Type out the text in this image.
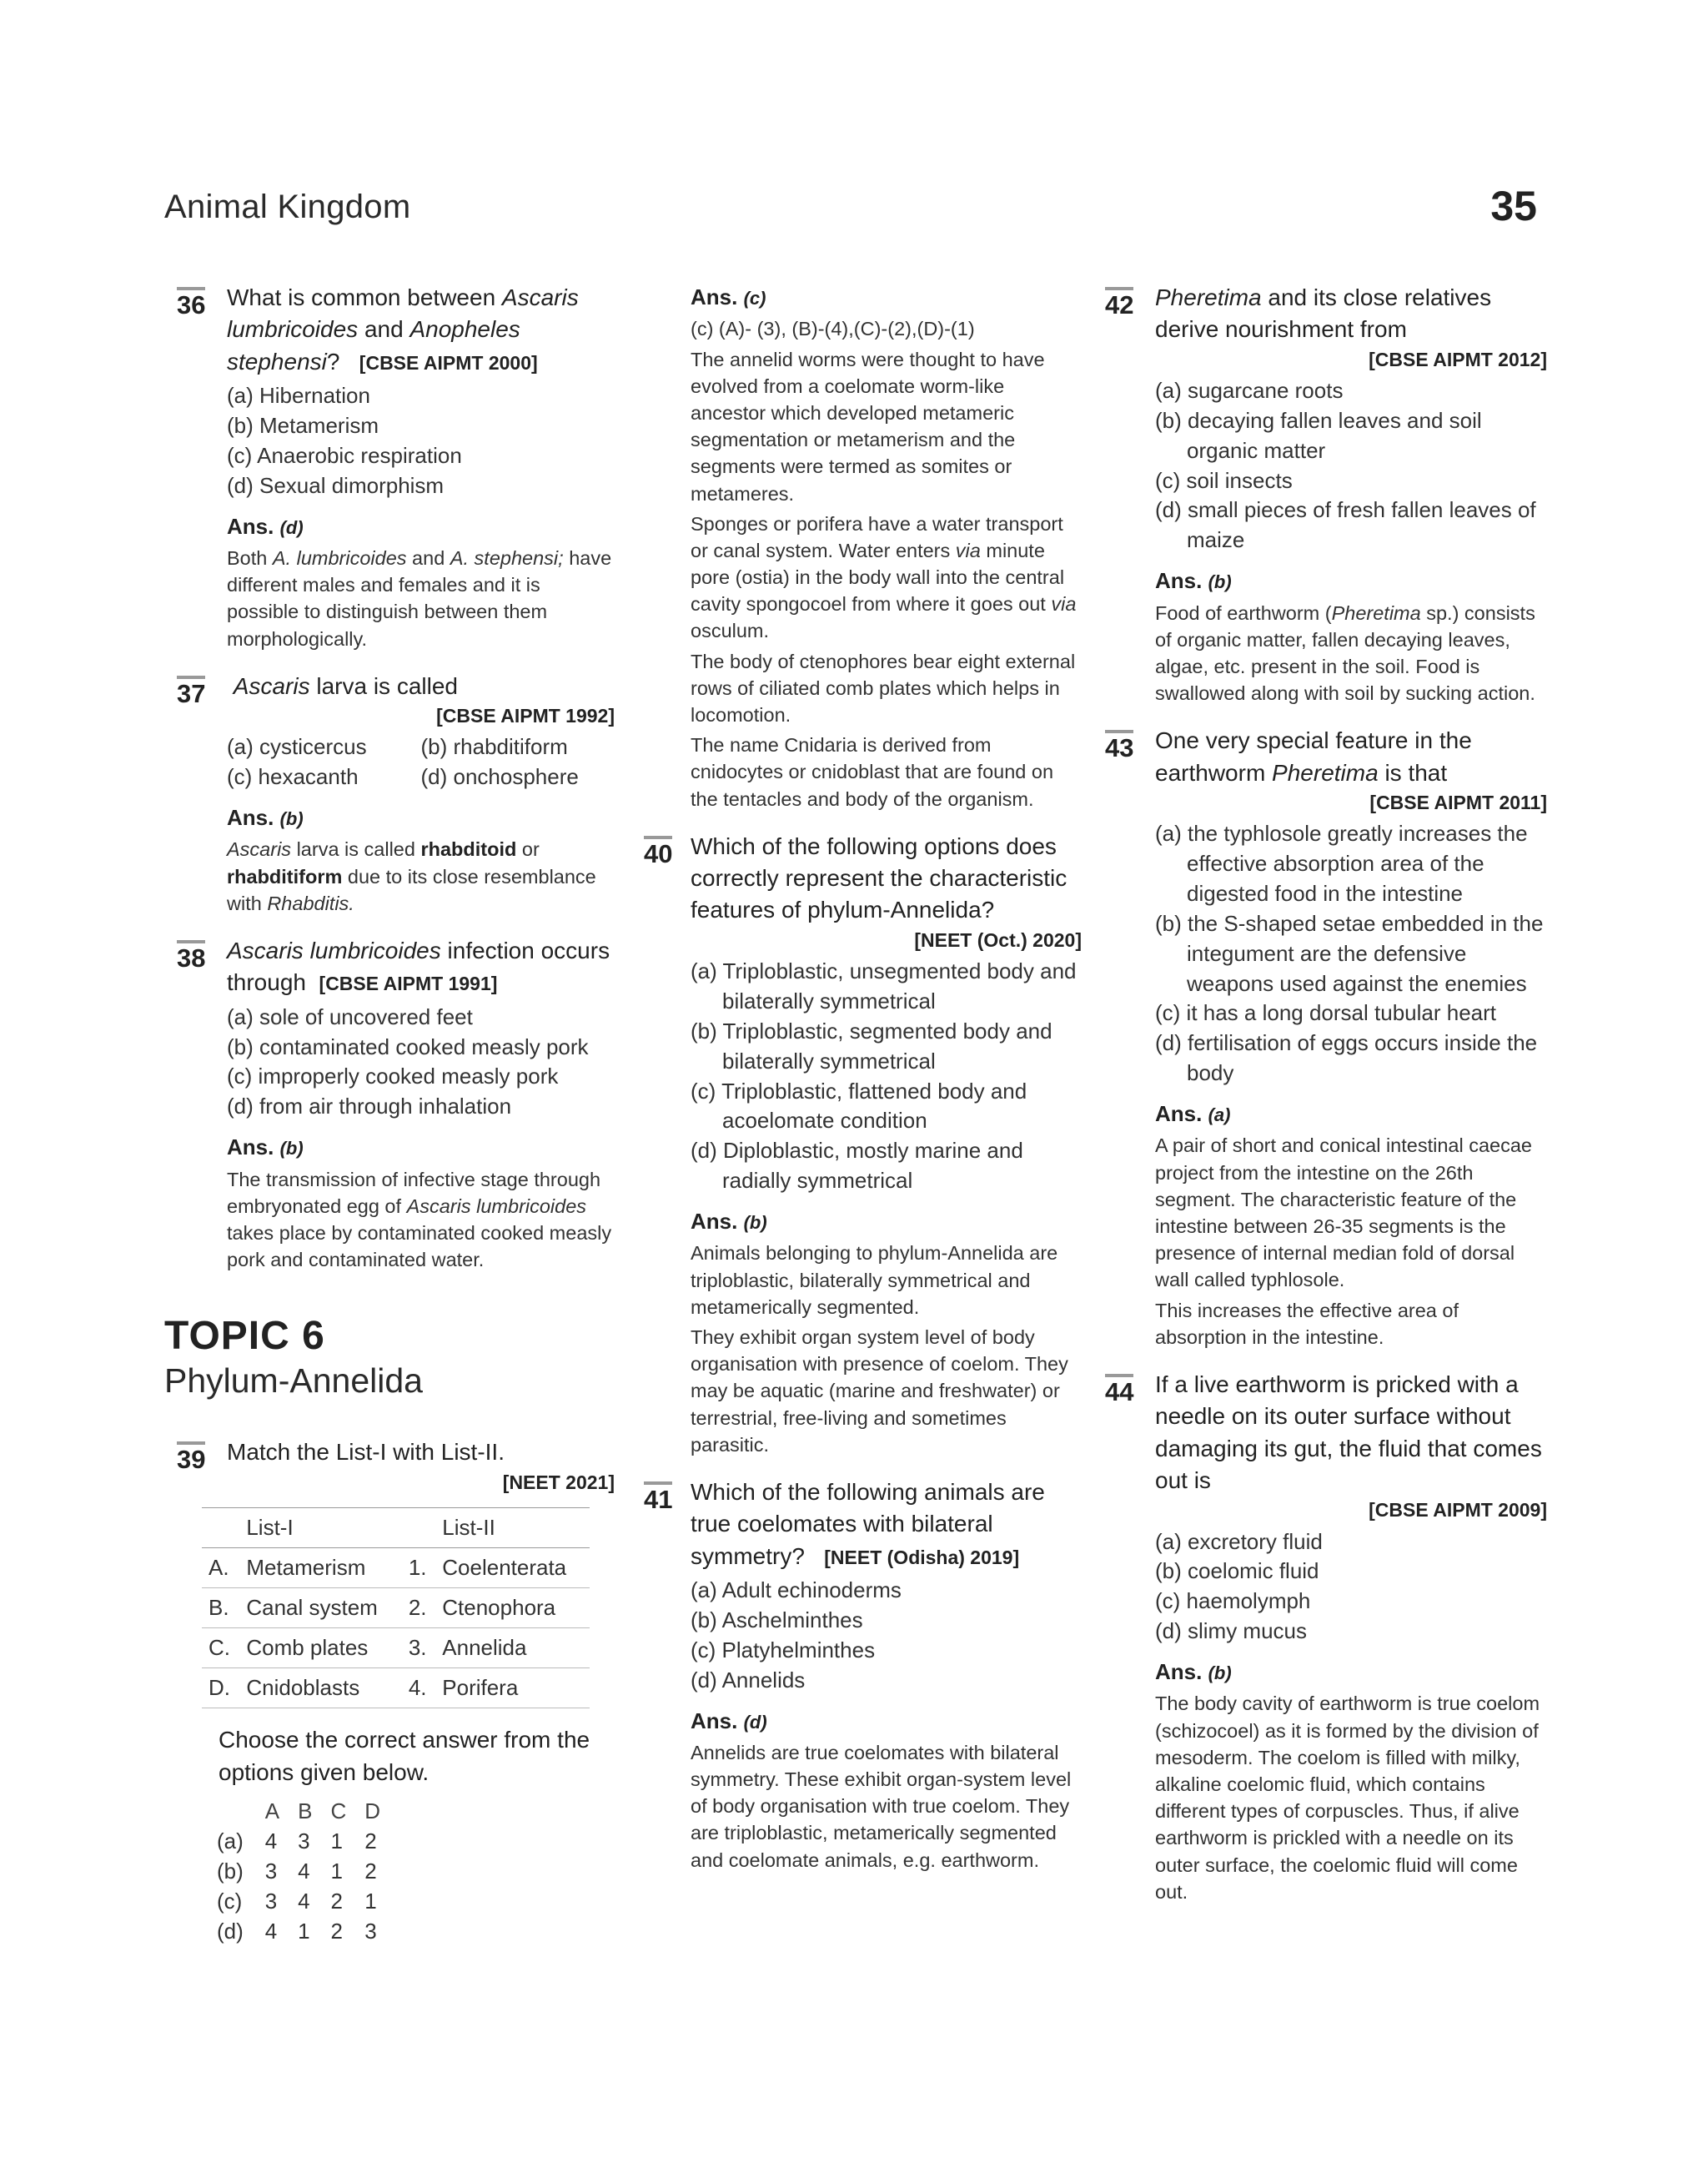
Animal Kingdom	35
36 What is common between Ascaris lumbricoides and Anopheles stephensi? [CBSE AIPMT 2000]
(a) Hibernation
(b) Metamerism
(c) Anaerobic respiration
(d) Sexual dimorphism
Ans. (d)
Both A. lumbricoides and A. stephensi; have different males and females and it is possible to distinguish between them morphologically.
37 Ascaris larva is called
[CBSE AIPMT 1992]
(a) cysticercus	(b) rhabditiform
(c) hexacanth	(d) onchosphere
Ans. (b)
Ascaris larva is called rhabditoid or rhabditiform due to its close resemblance with Rhabditis.
38 Ascaris lumbricoides infection occurs through  [CBSE AIPMT 1991]
(a) sole of uncovered feet
(b) contaminated cooked measly pork
(c) improperly cooked measly pork
(d) from air through inhalation
Ans. (b)
The transmission of infective stage through embryonated egg of Ascaris lumbricoides takes place by contaminated cooked measly pork and contaminated water.
TOPIC 6
Phylum-Annelida
39 Match the List-I with List-II.
[NEET 2021]
	List-I		List-II
A.	Metamerism	1.	Coelenterata
B.	Canal system	2.	Ctenophora
C.	Comb plates	3.	Annelida
D.	Cnidoblasts	4.	Porifera
Choose the correct answer from the options given below.
	A	B	C	D
(a)	4	3	1	2
(b)	3	4	1	2
(c)	3	4	2	1
(d)	4	1	2	3
Ans. (c)

(c) (A)- (3), (B)-(4),(C)-(2),(D)-(1)

The annelid worms were thought to have evolved from a coelomate worm-like ancestor which developed metameric segmentation or metamerism and the segments were termed as somites or metameres.

Sponges or porifera have a water transport or canal system. Water enters via minute pore (ostia) in the body wall into the central cavity spongocoel from where it goes out via osculum.

The body of ctenophores bear eight external rows of ciliated comb plates which helps in locomotion.

The name Cnidaria is derived from cnidocytes or cnidoblast that are found on the tentacles and body of the organism.

40 Which of the following options does correctly represent the characteristic features of phylum-Annelida?
[NEET (Oct.) 2020]
(a) Triploblastic, unsegmented body and bilaterally symmetrical
(b) Triploblastic, segmented body and bilaterally symmetrical
(c) Triploblastic, flattened body and acoelomate condition
(d) Diploblastic, mostly marine and radially symmetrical
Ans. (b)

Animals belonging to phylum-Annelida are triploblastic, bilaterally symmetrical and metamerically segmented.

They exhibit organ system level of body organisation with presence of coelom. They may be aquatic (marine and freshwater) or terrestrial, free-living and sometimes parasitic.

41 Which of the following animals are true coelomates with bilateral symmetry? [NEET (Odisha) 2019]
(a) Adult echinoderms
(b) Aschelminthes
(c) Platyhelminthes
(d) Annelids
Ans. (d)

Annelids are true coelomates with bilateral symmetry. These exhibit organ-system level of body organisation with true coelom. They are triploblastic, metamerically segmented and coelomate animals, e.g. earthworm.

42 Pheretima and its close relatives derive nourishment from
[CBSE AIPMT 2012]
(a) sugarcane roots
(b) decaying fallen leaves and soil organic matter
(c) soil insects
(d) small pieces of fresh fallen leaves of maize
Ans. (b)
Food of earthworm (Pheretima sp.) consists of organic matter, fallen decaying leaves, algae, etc. present in the soil. Food is swallowed along with soil by sucking action.
43 One very special feature in the earthworm Pheretima is that
[CBSE AIPMT 2011]
(a) the typhlosole greatly increases the effective absorption area of the digested food in the intestine
(b) the S-shaped setae embedded in the integument are the defensive weapons used against the enemies
(c) it has a long dorsal tubular heart
(d) fertilisation of eggs occurs inside the body
Ans. (a)

A pair of short and conical intestinal caecae project from the intestine on the 26th segment. The characteristic feature of the intestine between 26-35 segments is the presence of internal median fold of dorsal wall called typhlosole.

This increases the effective area of absorption in the intestine.

44 If a live earthworm is pricked with a needle on its outer surface without damaging its gut, the fluid that comes out is
[CBSE AIPMT 2009]
(a) excretory fluid
(b) coelomic fluid
(c) haemolymph
(d) slimy mucus
Ans. (b)

The body cavity of earthworm is true coelom (schizocoel) as it is formed by the division of mesoderm. The coelom is filled with milky, alkaline coelomic fluid, which contains different types of corpuscles. Thus, if alive earthworm is prickled with a needle on its outer surface, the coelomic fluid will come out.
